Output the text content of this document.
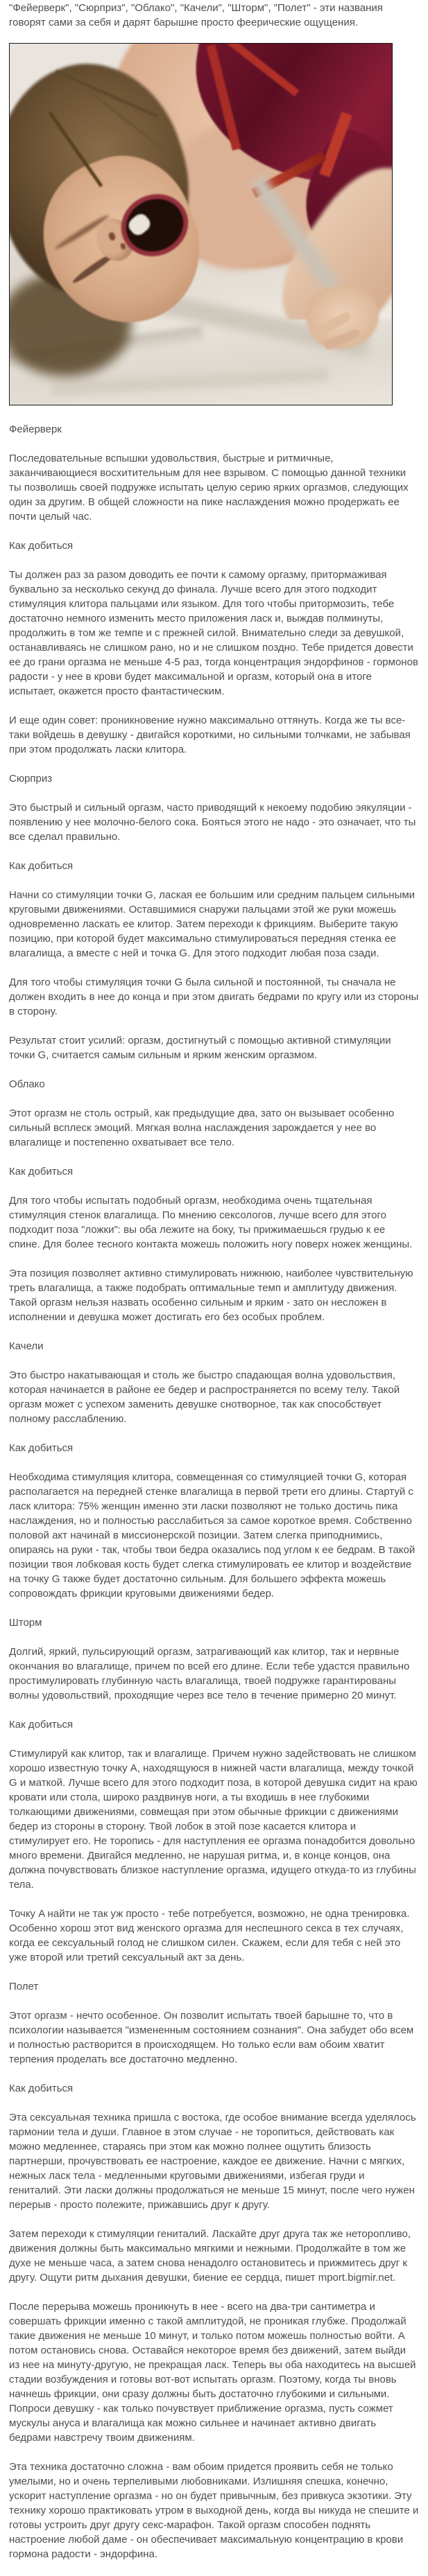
"Фейерверк", "Сюрприз", "Облако", "Качели", "Шторм", "Полет" - эти названия говорят сами за себя и дарят барышне просто феерические ощущения.

Фейерверк

Последовательные вспышки удовольствия, быстрые и ритмичные, заканчивающиеся восхитительным для нее взрывом. С помощью данной техники ты позволишь своей подружке испытать целую серию ярких оргазмов, следующих один за другим. В общей сложности на пике наслаждения можно продержать ее почти целый час.

Как добиться

Ты должен раз за разом доводить ее почти к самому оргазму, притормаживая буквально за несколько секунд до финала. Лучше всего для этого подходит стимуляция клитора пальцами или языком. Для того чтобы притормозить, тебе достаточно немного изменить место приложения ласк и, выждав полминуты, продолжить в том же темпе и с прежней силой. Внимательно следи за девушкой, останавливаясь не слишком рано, но и не слишком поздно. Тебе придется довести ее до грани оргазма не меньше 4-5 раз, тогда концентрация эндорфинов - гормонов радости - у нее в крови будет максимальной и оргазм, который она в итоге испытает, окажется просто фантастическим.

И еще один совет: проникновение нужно максимально оттянуть. Когда же ты все-таки войдешь в девушку - двигайся короткими, но сильными толчками, не забывая при этом продолжать ласки клитора.

Сюрприз

Это быстрый и сильный оргазм, часто приводящий к некоему подобию эякуляции - появлению у нее молочно-белого сока. Бояться этого не надо - это означает, что ты все сделал правильно.

Как добиться

Начни со стимуляции точки G, лаская ее большим или средним пальцем сильными круговыми движениями. Оставшимися снаружи пальцами этой же руки можешь одновременно ласкать ее клитор. Затем переходи к фрикциям. Выберите такую позицию, при которой будет максимально стимулироваться передняя стенка ее влагалища, а вместе с ней и точка G. Для этого подходит любая поза сзади.

Для того чтобы стимуляция точки G была сильной и постоянной, ты сначала не должен входить в нее до конца и при этом двигать бедрами по кругу или из стороны в сторону.

Результат стоит усилий: оргазм, достигнутый с помощью активной стимуляции точки G, считается самым сильным и ярким женским оргазмом.

Облако

Этот оргазм не столь острый, как предыдущие два, зато он вызывает особенно сильный всплеск эмоций. Мягкая волна наслаждения зарождается у нее во влагалище и постепенно охватывает все тело.

Как добиться

Для того чтобы испытать подобный оргазм, необходима очень тщательная стимуляция стенок влагалища. По мнению сексологов, лучше всего для этого подходит поза "ложки": вы оба лежите на боку, ты прижимаешься грудью к ее спине. Для более тесного контакта можешь положить ногу поверх ножек женщины.

Эта позиция позволяет активно стимулировать нижнюю, наиболее чувствительную треть влагалища, а также подобрать оптимальные темп и амплитуду движения. Такой оргазм нельзя назвать особенно сильным и ярким - зато он несложен в исполнении и девушка может достигать его без особых проблем.

Качели

Это быстро накатывающая и столь же быстро спадающая волна удовольствия, которая начинается в районе ее бедер и распространяется по всему телу. Такой оргазм может с успехом заменить девушке снотворное, так как способствует полному расслаблению.

Как добиться

Необходима стимуляция клитора, совмещенная со стимуляцией точки G, которая располагается на передней стенке влагалища в первой трети его длины. Стартуй с ласк клитора: 75% женщин именно эти ласки позволяют не только достичь пика наслаждения, но и полностью расслабиться за самое короткое время. Собственно половой акт начинай в миссионерской позиции. Затем слегка приподнимись, опираясь на руки - так, чтобы твои бедра оказались под углом к ее бедрам. В такой позиции твоя лобковая кость будет слегка стимулировать ее клитор и воздействие на точку G также будет достаточно сильным. Для большего эффекта можешь сопровождать фрикции круговыми движениями бедер.

Шторм

Долгий, яркий, пульсирующий оргазм, затрагивающий как клитор, так и нервные окончания во влагалище, причем по всей его длине. Если тебе удастся правильно простимулировать глубинную часть влагалища, твоей подружке гарантированы волны удовольствий, проходящие через все тело в течение примерно 20 минут.

Как добиться

Стимулируй как клитор, так и влагалище. Причем нужно задействовать не слишком хорошо известную точку A, находящуюся в нижней части влагалища, между точкой G и маткой. Лучше всего для этого подходит поза, в которой девушка сидит на краю кровати или стола, широко раздвинув ноги, а ты входишь в нее глубокими толкающими движениями, совмещая при этом обычные фрикции с движениями бедер из стороны в сторону. Твой лобок в этой позе касается клитора и стимулирует его. Не торопись - для наступления ее оргазма понадобится довольно много времени. Двигайся медленно, не нарушая ритма, и, в конце концов, она должна почувствовать близкое наступление оргазма, идущего откуда-то из глубины тела.

Точку A найти не так уж просто - тебе потребуется, возможно, не одна тренировка. Особенно хорош этот вид женского оргазма для неспешного секса в тех случаях, когда ее сексуальный голод не слишком силен. Скажем, если для тебя с ней это уже второй или третий сексуальный акт за день.

Полет

Этот оргазм - нечто особенное. Он позволит испытать твоей барышне то, что в психологии называется "измененным состоянием сознания". Она забудет обо всем и полностью растворится в происходящем. Но только если вам обоим хватит терпения проделать все достаточно медленно.

Как добиться

Эта сексуальная техника пришла с востока, где особое внимание всегда уделялось гармонии тела и души. Главное в этом случае - не торопиться, действовать как можно медленнее, стараясь при этом как можно полнее ощутить близость партнерши, прочувствовать ее настроение, каждое ее движение. Начни с мягких, нежных ласк тела - медленными круговыми движениями, избегая груди и гениталий. Эти ласки должны продолжаться не меньше 15 минут, после чего нужен перерыв - просто полежите, прижавшись друг к другу.

Затем переходи к стимуляции гениталий. Ласкайте друг друга так же неторопливо, движения должны быть максимально мягкими и нежными. Продолжайте в том же духе не меньше часа, а затем снова ненадолго остановитесь и прижмитесь друг к другу. Ощути ритм дыхания девушки, биение ее сердца, пишет mport.bigmir.net.

После перерыва можешь проникнуть в нее - всего на два-три сантиметра и совершать фрикции именно с такой амплитудой, не проникая глубже. Продолжай такие движения не меньше 10 минут, и только потом можешь полностью войти. А потом остановись снова. Оставайся некоторое время без движений, затем выйди из нее на минуту-другую, не прекращая ласк. Теперь вы оба находитесь на высшей стадии возбуждения и готовы вот-вот испытать оргазм. Поэтому, когда ты вновь начнешь фрикции, они сразу должны быть достаточно глубокими и сильными. Попроси девушку - как только почувствует приближение оргазма, пусть сожмет мускулы ануса и влагалища как можно сильнее и начинает активно двигать бедрами навстречу твоим движениям.

Эта техника достаточно сложна - вам обоим придется проявить себя не только умелыми, но и очень терпеливыми любовниками. Излишняя спешка, конечно, ускорит наступление оргазма - но он будет привычным, без привкуса экзотики. Эту технику хорошо практиковать утром в выходной день, когда вы никуда не спешите и готовы устроить друг другу секс-марафон. Такой оргазм способен поднять настроение любой даме - он обеспечивает максимальную концентрацию в крови гормона радости - эндорфина.
